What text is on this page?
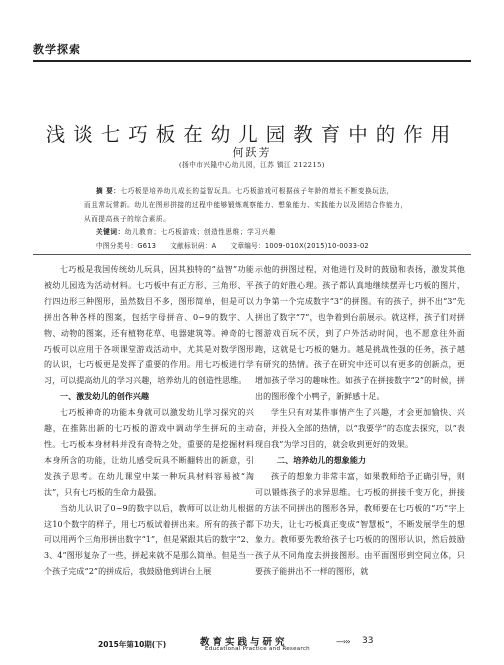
教学探索
浅谈七巧板在幼儿园教育中的作用
何跃芳
(扬中市兴隆中心幼儿园，江苏 镇江 212215)
摘 要：七巧板是培养幼儿成长的益智玩具。七巧板游戏可根据孩子年龄的增长不断变换玩法，
而且常玩常新。幼儿在图形拼接的过程中能够锻炼观察能力、想象能力、实践能力以及团结合作能力，
从而提高孩子的综合素质。
关键词：幼儿教育；七巧板游戏；创造性思维；学习兴趣
中图分类号：G613 文献标识码：A 文章编号：1009-010X(2015)10-0033-02

七巧板是我国传统幼儿玩具，因其独特的“益智”功能被幼儿园选为活动材料。七巧板中有正方形、三角形、平行四边形三种图形，虽然数目不多，图形简单，但是可以拼出各种各样的图案，包括字母拼音、0~9的数字、人物、动物的图案，还有植物花草、电器建筑等。神奇的七巧板可以应用于各项课堂游戏活动中，尤其是对数学图形的认识，七巧板更是发挥了重要的作用。用七巧板进行学习，可以提高幼儿的学习兴趣，培养幼儿的创造性思维。

一、激发幼儿的创作兴趣

七巧板神奇的功能本身就可以激发幼儿学习探究的兴趣，在推陈出新的七巧板的游戏中调动学生拼玩的主动性。七巧板本身材料并没有奇特之处，重要的是挖掘材料本身所含的功能，让幼儿感受玩具不断翻转出的新意，引发孩子思考。在幼儿课堂中某一种玩具材料容易被“淘汰”，只有七巧板的生命力最强。

当幼儿认识了0~9的数字以后，教师可以让幼儿根据这10个数字的样子，用七巧板试着拼出来。所有的孩子都可以用两个三角形拼出数字“1”，但是紧跟其后的数字“2、3、4”图形复杂了一些，拼起来就不是那么简单。但是当一个孩子完成“2”的拼成后，我鼓励他到讲台上展

示他的拼图过程，对他进行及时的鼓励和表扬，激发其他孩子的好胜心理。孩子都认真地继续摆弄七巧板的图片，力争第一个完成数字“3”的拼图。有的孩子，拼不出“3”先拼出了数字“7”，也争着到台前展示。就这样，孩子们对拼图游戏百玩不厌，到了户外活动时间，也不愿意往外面跑，这就是七巧板的魅力。越是挑战性强的任务，孩子越有研究的热情。孩子在研究中还可以有更多的创新点，更增加孩子学习的趣味性。如孩子在拼接数字“2”的时候，拼出的图形像个小鸭子，新鲜感十足。

学生只有对某件事情产生了兴趣，才会更加愉快、兴奋，并投入全部的热情，以“我要学”的态度去探究，以“表现自我”为学习目的，就会收到更好的效果。

二、培养幼儿的想象能力

孩子的想象力非常丰富，如果教师给予正确引导，则可以锻炼孩子的求异思维。七巧板的拼接千变万化，拼接的方法不同拼出的图形各异，教师要在七巧板的“巧”字上下功夫，让七巧板真正变成“智慧板”，不断发展学生的想象力。教师要先教给孩子七巧板的的图形认识，然后鼓励孩子从不同角度去拼接图形。由平面图形到空间立体，只要孩子能拼出不一样的图形，就

2015年第10期(下)	教育实践与研究
Educational Practice and Research
—››› 33
